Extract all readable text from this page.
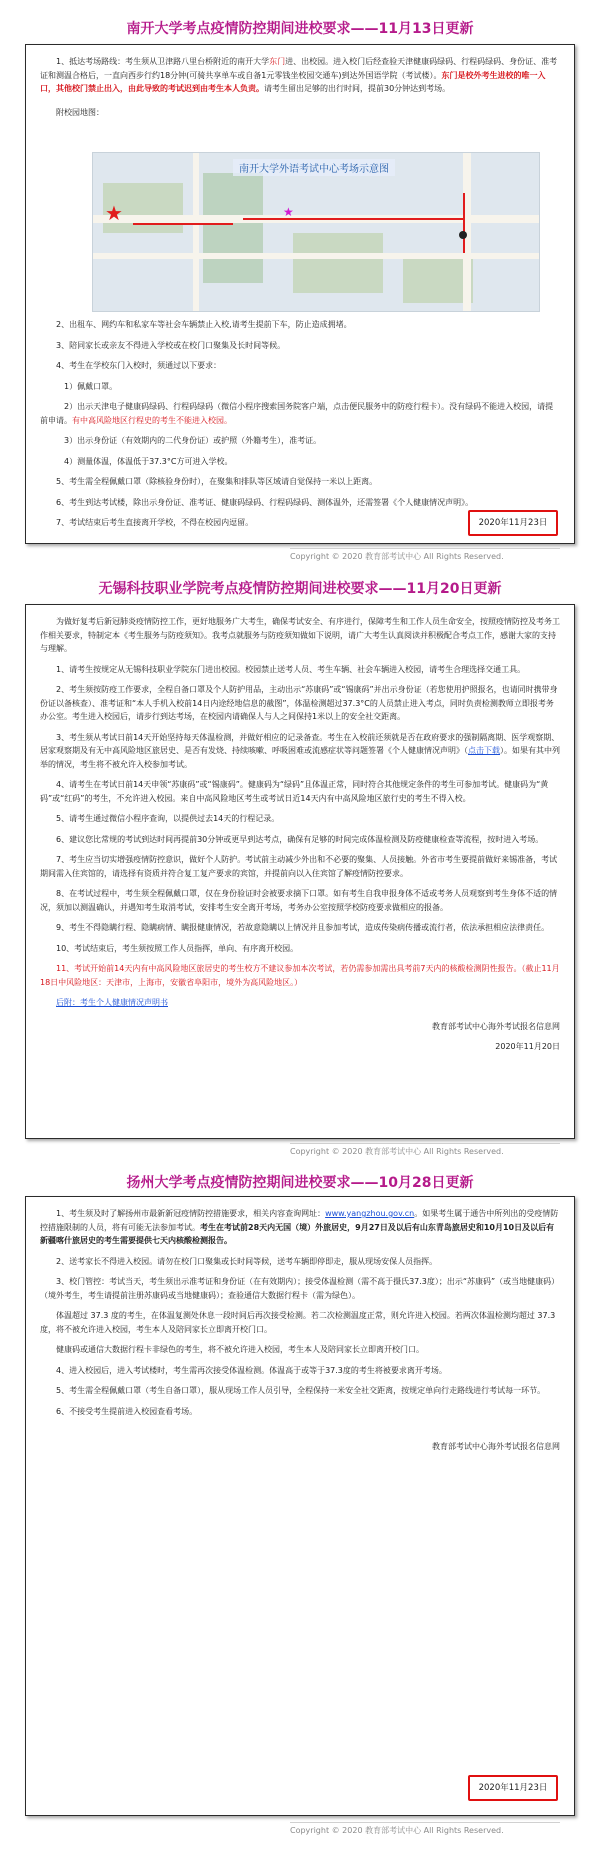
南开大学考点疫情防控期间进校要求——11月13日更新

1、抵达考场路线：考生须从卫津路八里台桥附近的南开大学东门进、出校园。进入校门后经查验天津健康码绿码、行程码绿码、身份证、准考证和测温合格后，一直向西步行约18分钟(可骑共享单车或自备1元零钱坐校园交通车)到达外国语学院（考试楼）。东门是校外考生进校的唯一入口，其他校门禁止出入，由此导致的考试迟到由考生本人负责。请考生留出足够的出行时间，提前30分钟达到考场。

附校园地图：

南开大学外语考试中心考场示意图
★	★

2、出租车、网约车和私家车等社会车辆禁止入校,请考生提前下车，防止造成拥堵。

3、陪同家长或亲友不得进入学校或在校门口聚集及长时间等候。

4、考生在学校东门入校时，须通过以下要求：

1）佩戴口罩。

2）出示天津电子健康码绿码、行程码绿码（微信小程序搜索国务院客户端，点击便民服务中的防疫行程卡）。没有绿码不能进入校园，请提前申请。有中高风险地区行程史的考生不能进入校园。

3）出示身份证（有效期内的二代身份证）或护照（外籍考生），准考证。

4）测量体温，体温低于37.3°C方可进入学校。

5、考生需全程佩戴口罩（除核验身份时），在聚集和排队等区域请自觉保持一米以上距离。

6、考生到达考试楼，除出示身份证、准考证、健康码绿码、行程码绿码、测体温外，还需签署《个人健康情况声明》。

7、考试结束后考生直接离开学校，不得在校园内逗留。	2020年11月23日
Copyright © 2020 教育部考试中心 All Rights Reserved.
无锡科技职业学院考点疫情防控期间进校要求——11月20日更新

为做好复考后新冠肺炎疫情防控工作，更好地服务广大考生，确保考试安全、有序进行，保障考生和工作人员生命安全，按照疫情防控及考务工作相关要求，特制定本《考生服务与防疫须知》。我考点就服务与防疫须知做如下说明，请广大考生认真阅读并积极配合考点工作，感谢大家的支持与理解。

1、请考生按规定从无锡科技职业学院东门进出校园。校园禁止送考人员、考生车辆、社会车辆进入校园，请考生合理选择交通工具。

2、考生须按防疫工作要求，全程自备口罩及个人防护用品，主动出示“苏康码”或“锡康码”并出示身份证（若您使用护照报名，也请同时携带身份证以备核查）、准考证和“本人手机入校前14日内途经地信息的截图”，体温检测超过37.3°C的人员禁止进入考点，同时负责检测教师立即报考务办公室。考生进入校园后，请步行到达考场，在校园内请确保人与人之间保持1米以上的安全社交距离。

3、考生须从考试日前14天开始坚持每天体温检测，并做好相应的记录备查。考生在入校前还须就是否在政府要求的强制隔离期、医学观察期、居家观察期及有无中高风险地区旅居史、是否有发烧、持续咳嗽、呼吸困难或流感症状等问题签署《个人健康情况声明》（点击下载）。如果有其中列举的情况，考生将不被允许入校参加考试。

4、请考生在考试日前14天申领“苏康码”或“锡康码”。健康码为“绿码”且体温正常，同时符合其他规定条件的考生可参加考试。健康码为“黄码”或“红码”的考生，不允许进入校园。来自中高风险地区考生或考试日近14天内有中高风险地区旅行史的考生不得入校。

5、请考生通过微信小程序查询，以提供过去14天的行程记录。

6、建议您比常规的考试到达时间再提前30分钟或更早到达考点，确保有足够的时间完成体温检测及防疫健康检查等流程，按时进入考场。

7、考生应当切实增强疫情防控意识，做好个人防护。考试前主动减少外出和不必要的聚集、人员接触。外省市考生要提前做好来锡准备，考试期间需入住宾馆的，请选择有资质并符合复工复产要求的宾馆，并提前向以入住宾馆了解疫情防控要求。

8、在考试过程中，考生须全程佩戴口罩，仅在身份验证时会被要求摘下口罩。如有考生自我申报身体不适或考务人员观察到考生身体不适的情况，须加以测温确认，并遇知考生取消考试，安排考生安全离开考场，考务办公室按照学校防疫要求做相应的报备。

9、考生不得隐瞒行程、隐瞒病情、瞒报健康情况，若故意隐瞒以上情况并且参加考试，造成传染病传播或流行者，依法承担相应法律责任。

10、考试结束后，考生须按照工作人员指挥，单向、有序离开校园。

11、考试开始前14天内有中高风险地区旅居史的考生校方不建议参加本次考试，若仍需参加需出具考前7天内的核酸检测阴性报告。（截止11月18日中风险地区：天津市，上海市，安徽省阜阳市，境外为高风险地区。）

后附：考生个人健康情况声明书

教育部考试中心海外考试报名信息网

2020年11月20日

Copyright © 2020 教育部考试中心 All Rights Reserved.
扬州大学考点疫情防控期间进校要求——10月28日更新

1、考生须及时了解扬州市最新新冠疫情防控措施要求，相关内容查询网址：www.yangzhou.gov.cn。如果考生属于通告中所列出的受疫情防控措施限制的人员，将有可能无法参加考试。考生在考试前28天内无国（境）外旅居史，9月27日及以后有山东青岛旅居史和10月10日及以后有新疆喀什旅居史的考生需要提供七天内核酸检测报告。

2、送考家长不得进入校园。请勿在校门口聚集或长时间等候，送考车辆即停即走，服从现场安保人员指挥。

3、校门管控：考试当天，考生须出示准考证和身份证（在有效期内）；接受体温检测（需不高于摄氏37.3度）；出示“苏康码”（或当地健康码）（境外考生，考生请提前注册苏康码或当地健康码）；查验通信大数据行程卡（需为绿色）。

体温超过 37.3 度的考生，在体温复测处休息一段时间后再次接受检测。若二次检测温度正常，则允许进入校园。若两次体温检测均超过 37.3 度，将不被允许进入校园，考生本人及陪同家长立即离开校门口。

健康码或通信大数据行程卡非绿色的考生，将不被允许进入校园，考生本人及陪同家长立即离开校门口。

4、进入校园后，进入考试楼时，考生需再次接受体温检测。体温高于或等于37.3度的考生将被要求离开考场。

5、考生需全程佩戴口罩（考生自备口罩），服从现场工作人员引导，全程保持一米安全社交距离，按规定单向行走路线进行考试每一环节。

6、不接受考生提前进入校园查看考场。

教育部考试中心海外考试报名信息网

2020年11月23日
Copyright © 2020 教育部考试中心 All Rights Reserved.
